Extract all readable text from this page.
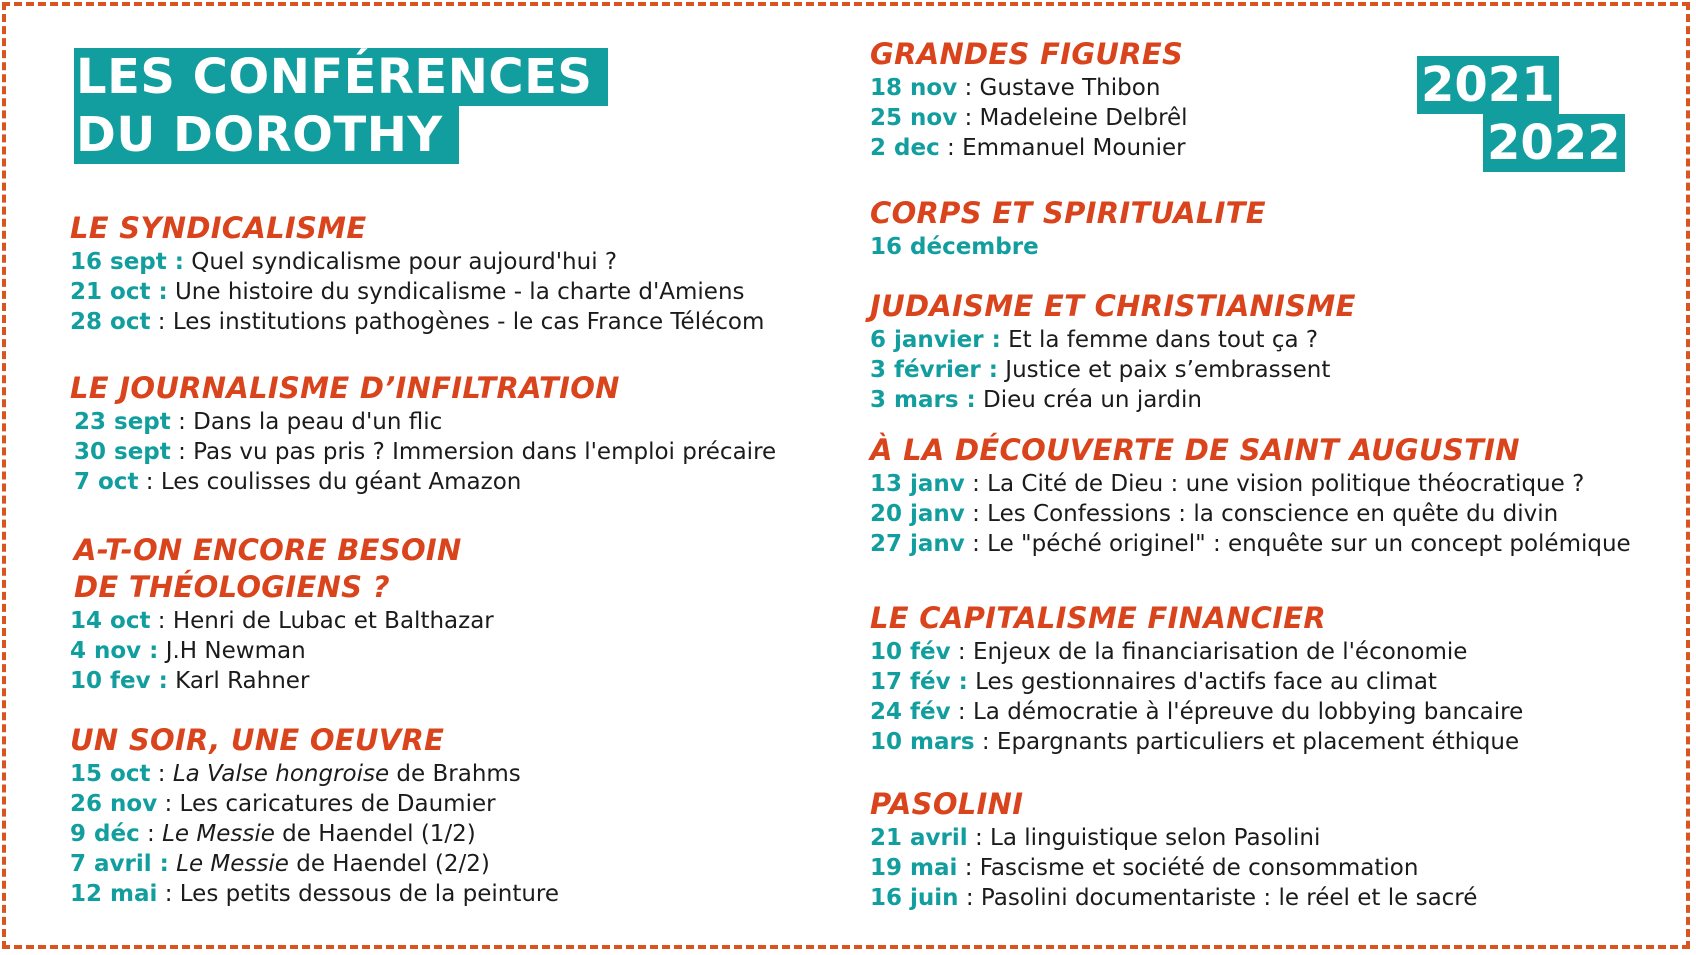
LES CONFÉRENCES
DU DOROTHY
2021
2022
LE SYNDICALISME
16 sept : Quel syndicalisme pour aujourd'hui ?
21 oct : Une histoire du syndicalisme - la charte d'Amiens
28 oct : Les institutions pathogènes - le cas France Télécom
LE JOURNALISME D’INFILTRATION
23 sept : Dans la peau d'un flic
30 sept : Pas vu pas pris ? Immersion dans l'emploi précaire
7 oct : Les coulisses du géant Amazon
A-T-ON ENCORE BESOIN
DE THÉOLOGIENS ?
14 oct : Henri de Lubac et Balthazar
4 nov : J.H Newman
10 fev : Karl Rahner
UN SOIR, UNE OEUVRE
15 oct : La Valse hongroise de Brahms
26 nov : Les caricatures de Daumier
9 déc : Le Messie de Haendel (1/2)
7 avril : Le Messie de Haendel (2/2)
12 mai : Les petits dessous de la peinture
GRANDES FIGURES
18 nov : Gustave Thibon
25 nov : Madeleine Delbrêl
2 dec : Emmanuel Mounier
CORPS ET SPIRITUALITE
16 décembre
JUDAISME ET CHRISTIANISME
6 janvier : Et la femme dans tout ça ?
3 février : Justice et paix s’embrassent
3 mars : Dieu créa un jardin
À LA DÉCOUVERTE DE SAINT AUGUSTIN
13 janv : La Cité de Dieu : une vision politique théocratique ?
20 janv : Les Confessions : la conscience en quête du divin
27 janv : Le "péché originel" : enquête sur un concept polémique
LE CAPITALISME FINANCIER
10 fév : Enjeux de la financiarisation de l'économie
17 fév : Les gestionnaires d'actifs face au climat
24 fév : La démocratie à l'épreuve du lobbying bancaire
10 mars : Epargnants particuliers et placement éthique
PASOLINI
21 avril : La linguistique selon Pasolini
19 mai : Fascisme et société de consommation
16 juin : Pasolini documentariste : le réel et le sacré
